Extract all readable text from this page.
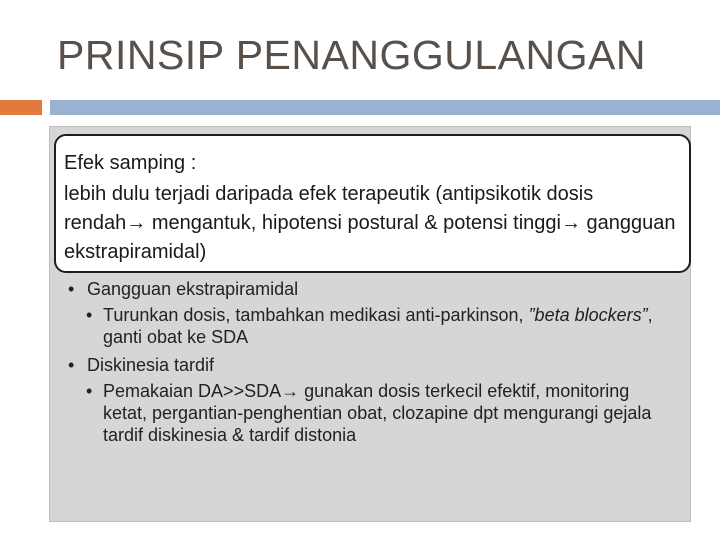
PRINSIP PENANGGULANGAN
Efek samping :
lebih dulu terjadi daripada efek terapeutik (antipsikotik dosis rendah→ mengantuk, hipotensi postural & potensi tinggi→ gangguan ekstrapiramidal)
• Gangguan ekstrapiramidal
• Turunkan dosis, tambahkan medikasi anti-parkinson, ”beta blockers”, ganti obat ke SDA
• Diskinesia tardif
• Pemakaian DA>>SDA→ gunakan dosis terkecil efektif, monitoring ketat, pergantian-penghentian obat, clozapine dpt mengurangi gejala tardif diskinesia & tardif distonia
